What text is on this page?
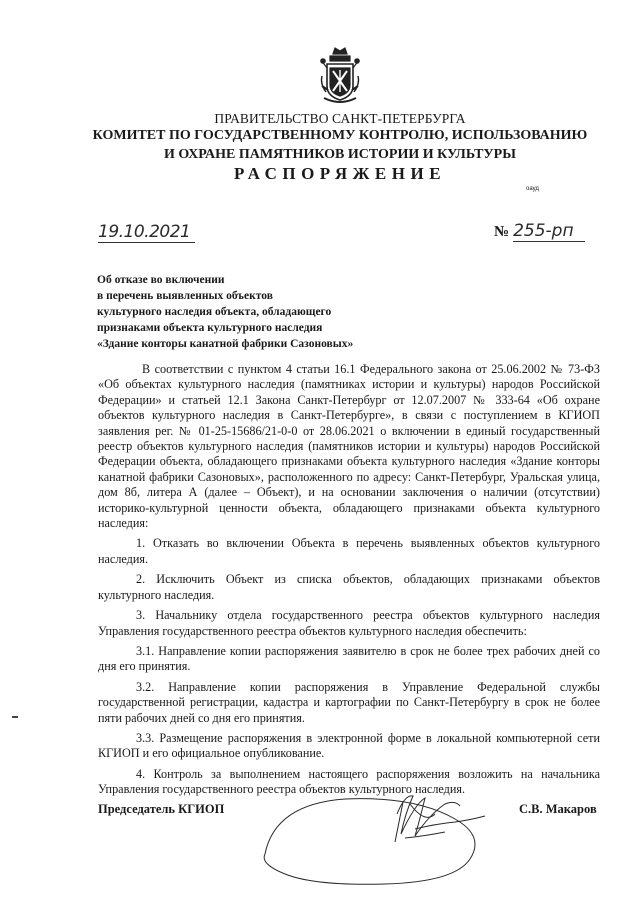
ПРАВИТЕЛЬСТВО САНКТ-ПЕТЕРБУРГА
КОМИТЕТ ПО ГОСУДАРСТВЕННОМУ КОНТРОЛЮ, ИСПОЛЬЗОВАНИЮ
И ОХРАНЕ ПАМЯТНИКОВ ИСТОРИИ И КУЛЬТУРЫ
РАСПОРЯЖЕНИЕ
оауд
19.10.2021	№ 255-рп
Об отказе во включении
в перечень выявленных объектов
культурного наследия объекта, обладающего
признаками объекта культурного наследия
«Здание конторы канатной фабрики Сазоновых»

В соответствии с пунктом 4 статьи 16.1 Федерального закона от 25.06.2002 № 73-ФЗ «Об объектах культурного наследия (памятниках истории и культуры) народов Российской Федерации» и статьей 12.1 Закона Санкт-Петербург от 12.07.2007 № 333-64 «Об охране объектов культурного наследия в Санкт-Петербурге», в связи с поступлением в КГИОП заявления рег. № 01-25-15686/21-0-0 от 28.06.2021 о включении в единый государственный реестр объектов культурного наследия (памятников истории и культуры) народов Российской Федерации объекта, обладающего признаками объекта культурного наследия «Здание конторы канатной фабрики Сазоновых», расположенного по адресу: Санкт-Петербург, Уральская улица, дом 8б, литера А (далее – Объект), и на основании заключения о наличии (отсутствии) историко-культурной ценности объекта, обладающего признаками объекта культурного наследия:

1. Отказать во включении Объекта в перечень выявленных объектов культурного наследия.

2. Исключить Объект из списка объектов, обладающих признаками объектов культурного наследия.

3. Начальнику отдела государственного реестра объектов культурного наследия Управления государственного реестра объектов культурного наследия обеспечить:

3.1. Направление копии распоряжения заявителю в срок не более трех рабочих дней со дня его принятия.

3.2. Направление копии распоряжения в Управление Федеральной службы государственной регистрации, кадастра и картографии по Санкт-Петербургу в срок не более пяти рабочих дней со дня его принятия.

3.3. Размещение распоряжения в электронной форме в локальной компьютерной сети КГИОП и его официальное опубликование.

4. Контроль за выполнением настоящего распоряжения возложить на начальника Управления государственного реестра объектов культурного наследия.

Председатель КГИОП	С.В. Макаров
